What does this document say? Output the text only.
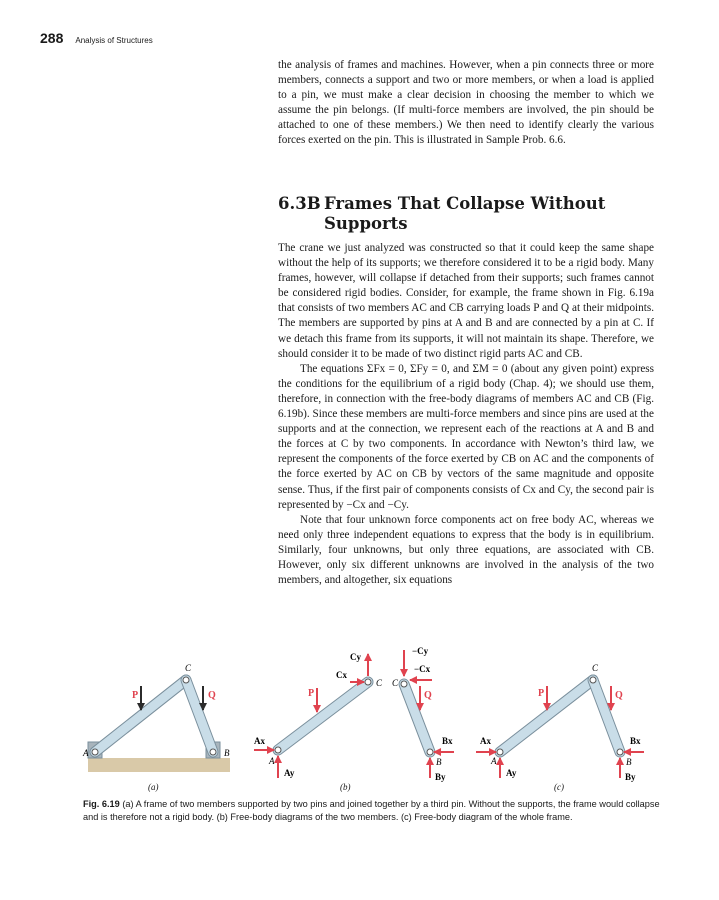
288 Analysis of Structures

the analysis of frames and machines. However, when a pin connects three or more members, connects a support and two or more members, or when a load is applied to a pin, we must make a clear decision in choosing the member to which we assume the pin belongs. (If multi-force members are involved, the pin should be attached to one of these members.) We then need to identify clearly the various forces exerted on the pin. This is illustrated in Sample Prob. 6.6.

6.3B Frames That Collapse Without
Supports

The crane we just analyzed was constructed so that it could keep the same shape without the help of its supports; we therefore considered it to be a rigid body. Many frames, however, will collapse if detached from their supports; such frames cannot be considered rigid bodies. Consider, for example, the frame shown in Fig. 6.19a that consists of two members AC and CB carrying loads P and Q at their midpoints. The members are supported by pins at A and B and are connected by a pin at C. If we detach this frame from its supports, it will not maintain its shape. Therefore, we should consider it to be made of two distinct rigid parts AC and CB.

The equations ΣFx = 0, ΣFy = 0, and ΣM = 0 (about any given point) express the conditions for the equilibrium of a rigid body (Chap. 4); we should use them, therefore, in connection with the free-body diagrams of members AC and CB (Fig. 6.19b). Since these members are multi-force members and since pins are used at the supports and at the connection, we represent each of the reactions at A and B and the forces at C by two components. In accordance with Newton’s third law, we represent the components of the force exerted by CB on AC and the components of the force exerted by AC on CB by vectors of the same magnitude and opposite sense. Thus, if the first pair of components consists of Cx and Cy, the second pair is represented by −Cx and −Cy.

Note that four unknown force components act on free body AC, whereas we need only three independent equations to express that the body is in equilibrium. Similarly, four unknowns, but only three equations, are associated with CB. However, only six different unknowns are involved in the analysis of the two members, and altogether, six equations

P	Q
C
A	B
P
Ax
Ay
A
Cx
Cy
C C
−Cy
−Cx
Q
Bx
By
B
C
P	Q
Ax
Ay
A
Bx
By
B
(a)	(b)	(c)
Fig. 6.19 (a) A frame of two members supported by two pins and joined together by a third pin. Without the supports, the frame would collapse and is therefore not a rigid body. (b) Free-body diagrams of the two members. (c) Free-body diagram of the whole frame.
